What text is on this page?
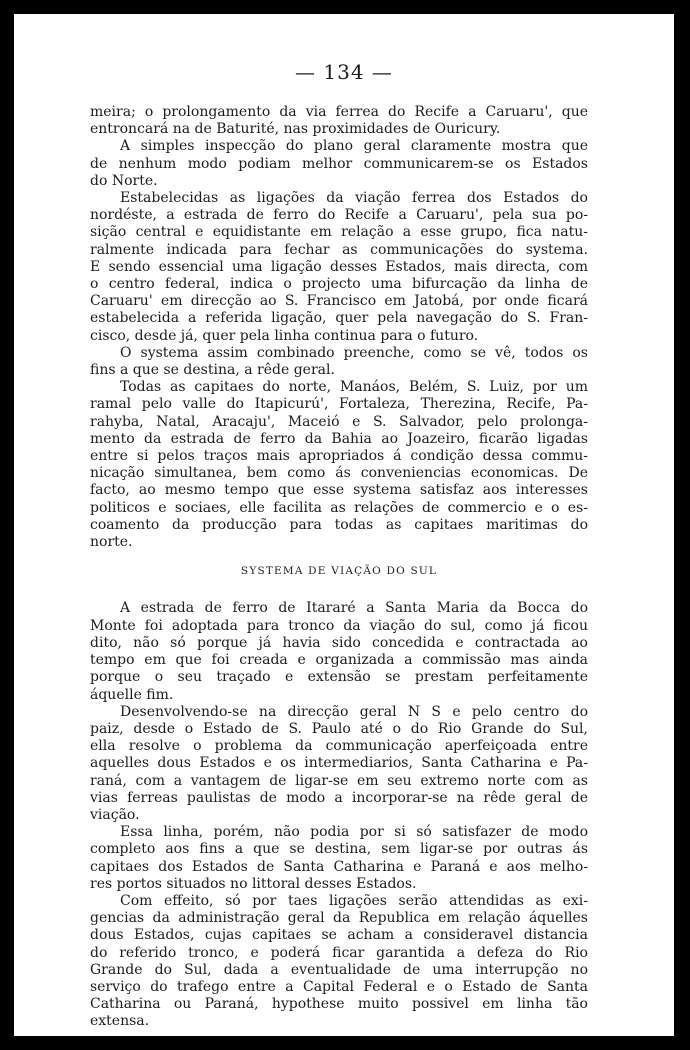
— 134 —
meira; o prolongamento da via ferrea do Recife a Caruaru', que
entroncará na de Baturité, nas proximidades de Ouricury.
A simples inspecção do plano geral claramente mostra que
de nenhum modo podiam melhor communicarem-se os Estados
do Norte.
Estabelecidas as ligações da viação ferrea dos Estados do
nordéste, a estrada de ferro do Recife a Caruaru', pela sua po-
sição central e equidistante em relação a esse grupo, fica natu-
ralmente indicada para fechar as communicações do systema.
E sendo essencial uma ligação desses Estados, mais directa, com
o centro federal, indica o projecto uma bifurcação da linha de
Caruaru' em direcção ao S. Francisco em Jatobá, por onde ficará
estabelecida a referida ligação, quer pela navegação do S. Fran-
cisco, desde já, quer pela linha continua para o futuro.
O systema assim combinado preenche, como se vê, todos os
fins a que se destina, a rêde geral.
Todas as capitaes do norte, Manáos, Belém, S. Luiz, por um
ramal pelo valle do Itapicurú', Fortaleza, Therezina, Recife, Pa-
rahyba, Natal, Aracaju', Maceió e S. Salvador, pelo prolonga-
mento da estrada de ferro da Bahia ao Joazeiro, ficarão ligadas
entre si pelos traços mais apropriados á condição dessa commu-
nicação simultanea, bem como ás conveniencias economicas. De
facto, ao mesmo tempo que esse systema satisfaz aos interesses
politicos e sociaes, elle facilita as relações de commercio e o es-
coamento da producção para todas as capitaes maritimas do
norte.
SYSTEMA DE VIAÇÃO DO SUL
A estrada de ferro de Itararé a Santa Maria da Bocca do
Monte foi adoptada para tronco da viação do sul, como já ficou
dito, não só porque já havia sido concedida e contractada ao
tempo em que foi creada e organizada a commissão mas ainda
porque o seu traçado e extensão se prestam perfeitamente
áquelle fim.
Desenvolvendo-se na direcção geral N S e pelo centro do
paiz, desde o Estado de S. Paulo até o do Rio Grande do Sul,
ella resolve o problema da communicação aperfeiçoada entre
aquelles dous Estados e os intermediarios, Santa Catharina e Pa-
raná, com a vantagem de ligar-se em seu extremo norte com as
vias ferreas paulistas de modo a incorporar-se na rêde geral de
viação.
Essa linha, porém, não podia por si só satisfazer de modo
completo aos fins a que se destina, sem ligar-se por outras ás
capitaes dos Estados de Santa Catharina e Paraná e aos melho-
res portos situados no littoral desses Estados.
Com effeito, só por taes ligações serão attendidas as exi-
gencias da administração geral da Republica em relação áquelles
dous Estados, cujas capitaes se acham a consideravel distancia
do referido tronco, e poderá ficar garantida a defeza do Rio
Grande do Sul, dada a eventualidade de uma interrupção no
serviço do trafego entre a Capital Federal e o Estado de Santa
Catharina ou Paraná, hypothese muito possivel em linha tão
extensa.
